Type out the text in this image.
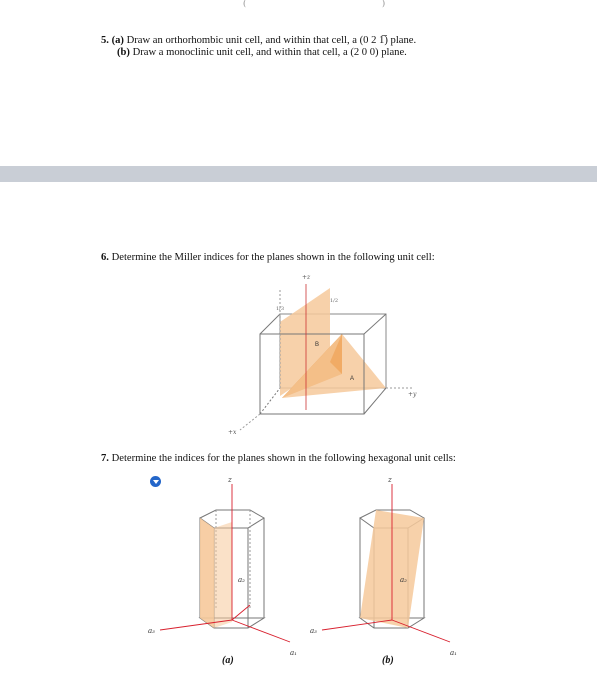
(	)
5. (a) Draw an orthorhombic unit cell, and within that cell, a (0 2 1̅) plane.
(b) Draw a monoclinic unit cell, and within that cell, a (2 0 0) plane.
6. Determine the Miller indices for the planes shown in the following unit cell:
+z
+y
+x
B
A
1/3
1/2
7. Determine the indices for the planes shown in the following hexagonal unit cells:
z
a₁
a₂
a₃
(a)
z
a₁
a₂
a₃
(b)
